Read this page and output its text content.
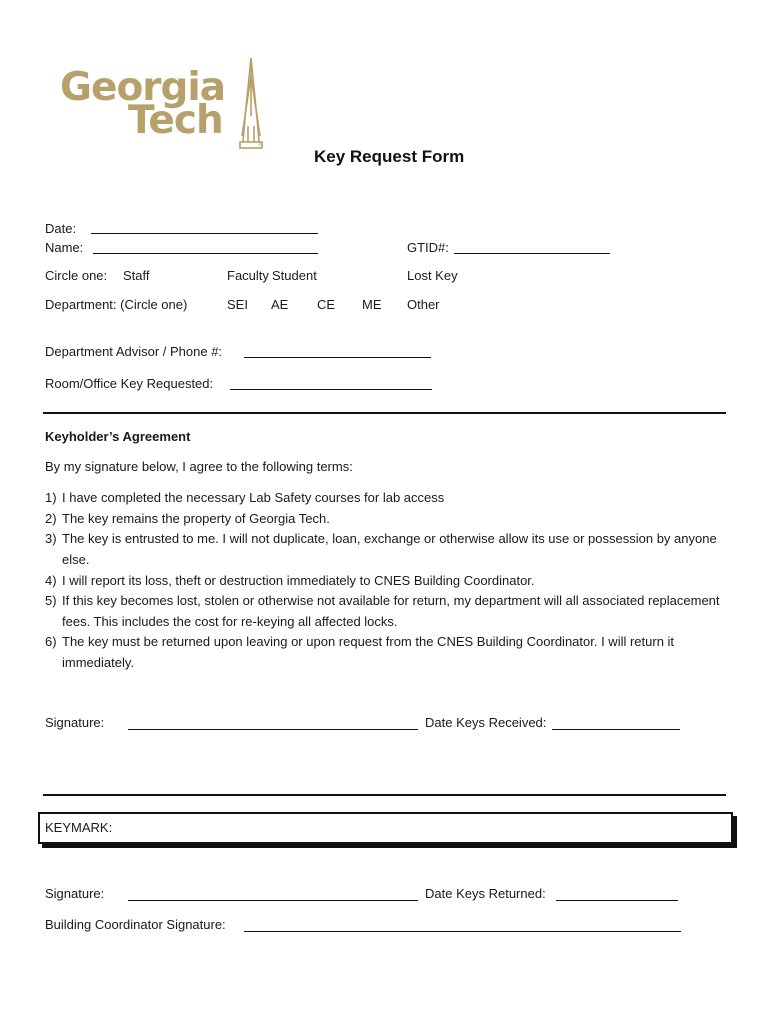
Georgia
Tech
®
Key Request Form
Date:
Name:	GTID#:
Circle one: Staff	Faculty Student	Lost Key
Department: (Circle one)	SEI AE CE ME Other
Department Advisor / Phone #:
Room/Office Key Requested:
Keyholder’s Agreement
By my signature below, I agree to the following terms:
1) I have completed the necessary Lab Safety courses for lab access
2) The key remains the property of Georgia Tech.
3) The key is entrusted to me. I will not duplicate, loan, exchange or otherwise allow its use or possession by anyone else.
4) I will report its loss, theft or destruction immediately to CNES Building Coordinator.
5) If this key becomes lost, stolen or otherwise not available for return, my department will all associated replacement fees. This includes the cost for re-keying all affected locks.
6) The key must be returned upon leaving or upon request from the CNES Building Coordinator. I will return it immediately.
Signature:	Date Keys Received:
KEYMARK:
Signature:	Date Keys Returned:
Building Coordinator Signature:
